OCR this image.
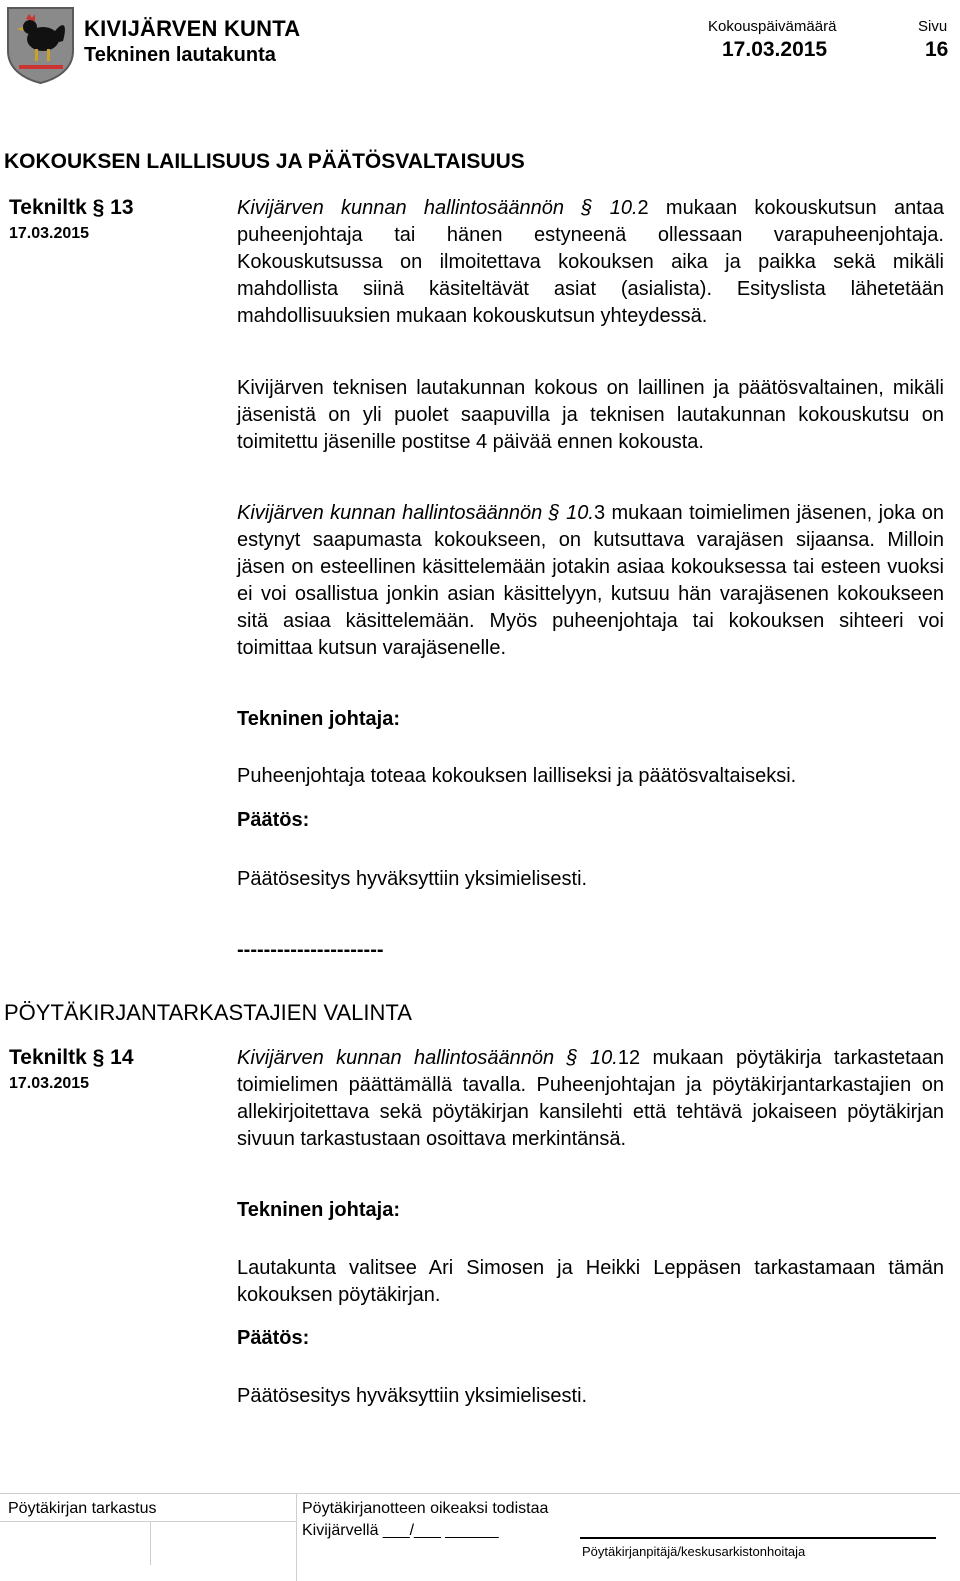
KIVIJÄRVEN KUNTA
Tekninen lautakunta
Kokouspäivämäärä
17.03.2015
Sivu
16
KOKOUKSEN LAILLISUUS JA PÄÄTÖSVALTAISUUS
Tekniltk § 13
17.03.2015
Kivijärven kunnan hallintosäännön § 10.2 mukaan kokouskutsun antaa puheenjohtaja tai hänen estyneenä ollessaan varapuheenjohtaja. Kokouskutsussa on ilmoitettava kokouksen aika ja paikka sekä mikäli mahdollista siinä käsiteltävät asiat (asialista). Esityslista lähetetään mahdollisuuksien mukaan kokouskutsun yhteydessä.
Kivijärven teknisen lautakunnan kokous on laillinen ja päätösvaltainen, mikäli jäsenistä on yli puolet saapuvilla ja teknisen lautakunnan kokouskutsu on toimitettu jäsenille postitse 4 päivää ennen kokousta.
Kivijärven kunnan hallintosäännön § 10.3 mukaan toimielimen jäsenen, joka on estynyt saapumasta kokoukseen, on kutsuttava varajäsen sijaansa. Milloin jäsen on esteellinen käsittelemään jotakin asiaa kokouksessa tai esteen vuoksi ei voi osallistua jonkin asian käsittelyyn, kutsuu hän varajäsenen kokoukseen sitä asiaa käsittelemään. Myös puheenjohtaja tai kokouksen sihteeri voi toimittaa kutsun varajäsenelle.
Tekninen johtaja:
Puheenjohtaja toteaa kokouksen lailliseksi ja päätösvaltaiseksi.
Päätös:
Päätösesitys hyväksyttiin yksimielisesti.
----------------------
PÖYTÄKIRJANTARKASTAJIEN VALINTA
Tekniltk § 14
17.03.2015
Kivijärven kunnan hallintosäännön § 10.12 mukaan pöytäkirja tarkastetaan toimielimen päättämällä tavalla. Puheenjohtajan ja pöytäkirjantarkastajien on allekirjoitettava sekä pöytäkirjan kansilehti että tehtävä jokaiseen pöytäkirjan sivuun tarkastustaan osoittava merkintänsä.
Tekninen johtaja:
Lautakunta valitsee Ari Simosen ja Heikki Leppäsen tarkastamaan tämän kokouksen pöytäkirjan.
Päätös:
Päätösesitys hyväksyttiin yksimielisesti.
Pöytäkirjan tarkastus	Pöytäkirjanotteen oikeaksi todistaa
Kivijärvellä ___/___ ______
Pöytäkirjanpitäjä/keskusarkistonhoitaja
